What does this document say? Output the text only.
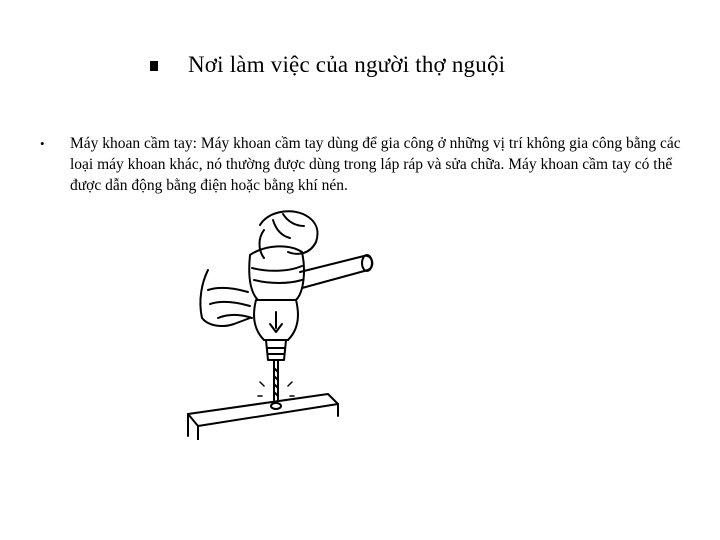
Nơi làm việc của người thợ nguội
•	Máy khoan cầm tay: Máy khoan cầm tay dùng để gia công ở những vị trí không gia công bằng các loại máy khoan khác, nó thường được dùng trong láp ráp và sửa chữa. Máy khoan cầm tay có thể được dẫn động bằng điện hoặc bằng khí nén.
